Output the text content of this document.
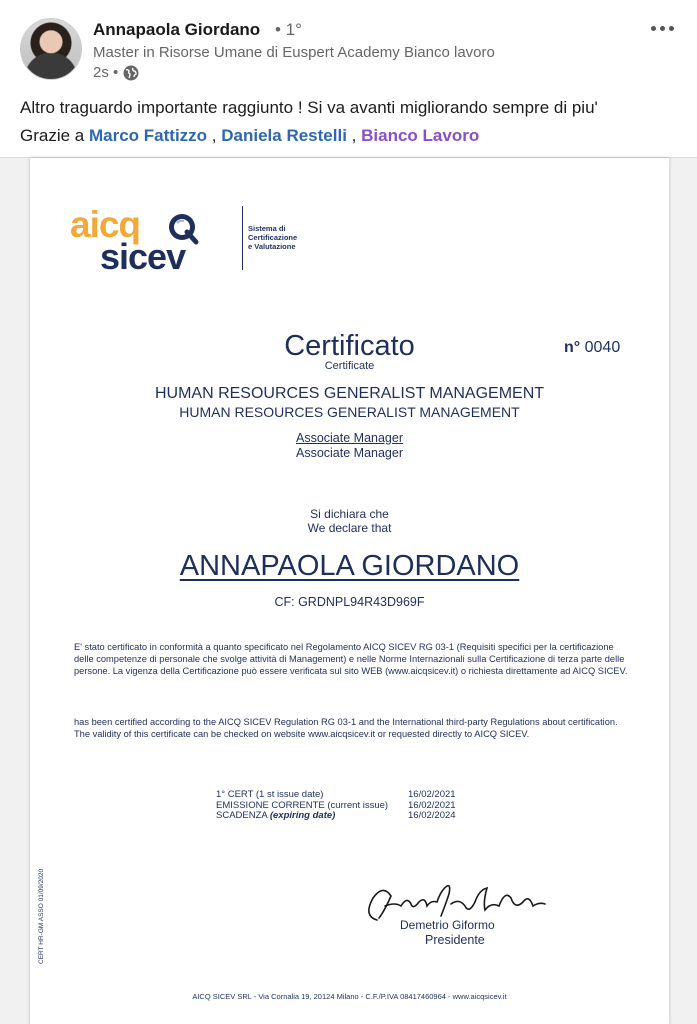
Annapaola Giordano • 1°
Master in Risorse Umane di Euspert Academy Bianco lavoro
2s •
Altro traguardo importante raggiunto ! Si va avanti migliorando sempre di piu'
Grazie a Marco Fattizzo , Daniela Restelli , Bianco Lavoro
aicq
sicev
Sistema di
Certificazione
e Valutazione
Certificato
Certificate
n° 0040
HUMAN RESOURCES GENERALIST MANAGEMENT
HUMAN RESOURCES GENERALIST MANAGEMENT
Associate Manager
Associate Manager
Si dichiara che
We declare that
ANNAPAOLA GIORDANO
CF: GRDNPL94R43D969F
E' stato certificato in conformità a quanto specificato nel Regolamento AICQ SICEV RG 03-1 (Requisiti specifici per la certificazione delle competenze di personale che svolge attività di Management) e nelle Norme Internazionali sulla Certificazione di terza parte delle persone. La vigenza della Certificazione può essere verificata sul sito WEB (www.aicqsicev.it) o richiesta direttamente ad AICQ SICEV.
has been certified according to the AICQ SICEV Regulation RG 03-1 and the International third-party Regulations about certification. The validity of this certificate can be checked on website www.aicqsicev.it or requested directly to AICQ SICEV.
1° CERT (1 st issue date)	16/02/2021
EMISSIONE CORRENTE (current issue)	16/02/2021
SCADENZA (expiring date)	16/02/2024
CERT HR-GM ASSO 01/09/2020	Demetrio Giformo
Presidente
AICQ SICEV SRL - Via Cornalia 19, 20124 Milano - C.F./P.IVA 08417460964 - www.aicqsicev.it
